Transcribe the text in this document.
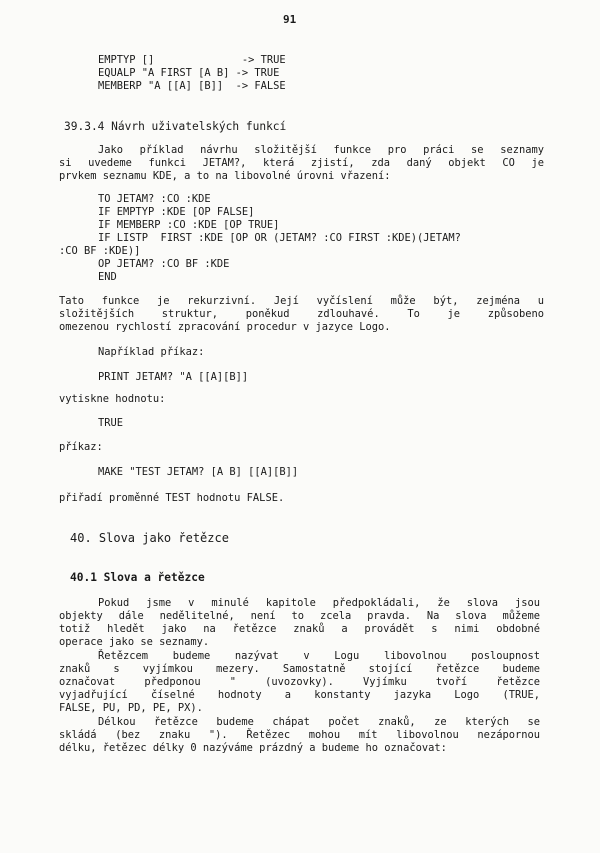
91
EMPTYP []              -> TRUE
EQUALP "A FIRST [A B] -> TRUE
MEMBERP "A [[A] [B]]  -> FALSE
39.3.4 Návrh uživatelských funkcí
Jako příklad návrhu složitější funkce pro práci se seznamy
si uvedeme funkci JETAM?, která zjistí, zda daný objekt CO je
prvkem seznamu KDE, a to na libovolné úrovni vřazení:
TO JETAM? :CO :KDE
IF EMPTYP :KDE [OP FALSE]
IF MEMBERP :CO :KDE [OP TRUE]
IF LISTP  FIRST :KDE [OP OR (JETAM? :CO FIRST :KDE)(JETAM?
:CO BF :KDE)]
OP JETAM? :CO BF :KDE
END
Tato funkce je rekurzivní. Její vyčíslení může být, zejména u
složitějších struktur, poněkud zdlouhavé. To je způsobeno
omezenou rychlostí zpracování procedur v jazyce Logo.
Například příkaz:
PRINT JETAM? "A [[A][B]]
vytiskne hodnotu:
TRUE
příkaz:
MAKE "TEST JETAM? [A B] [[A][B]]
přiřadí proměnné TEST hodnotu FALSE.
40. Slova jako řetězce
40.1 Slova a řetězce
Pokud jsme v minulé kapitole předpokládali, že slova jsou
objekty dále nedělitelné, není to zcela pravda. Na slova můžeme
totiž hledět jako na řetězce znaků a provádět s nimi obdobné
operace jako se seznamy.
Řetězcem budeme nazývat v Logu libovolnou posloupnost
znaků s vyjímkou mezery. Samostatně stojící řetězce budeme
označovat předponou " (uvozovky). Vyjímku tvoří řetězce
vyjadřující číselné hodnoty a konstanty jazyka Logo (TRUE,
FALSE, PU, PD, PE, PX).
Délkou řetězce budeme chápat počet znaků, ze kterých se
skládá (bez znaku "). Řetězec mohou mít libovolnou nezápornou
délku, řetězec délky 0 nazýváme prázdný a budeme ho označovat:
